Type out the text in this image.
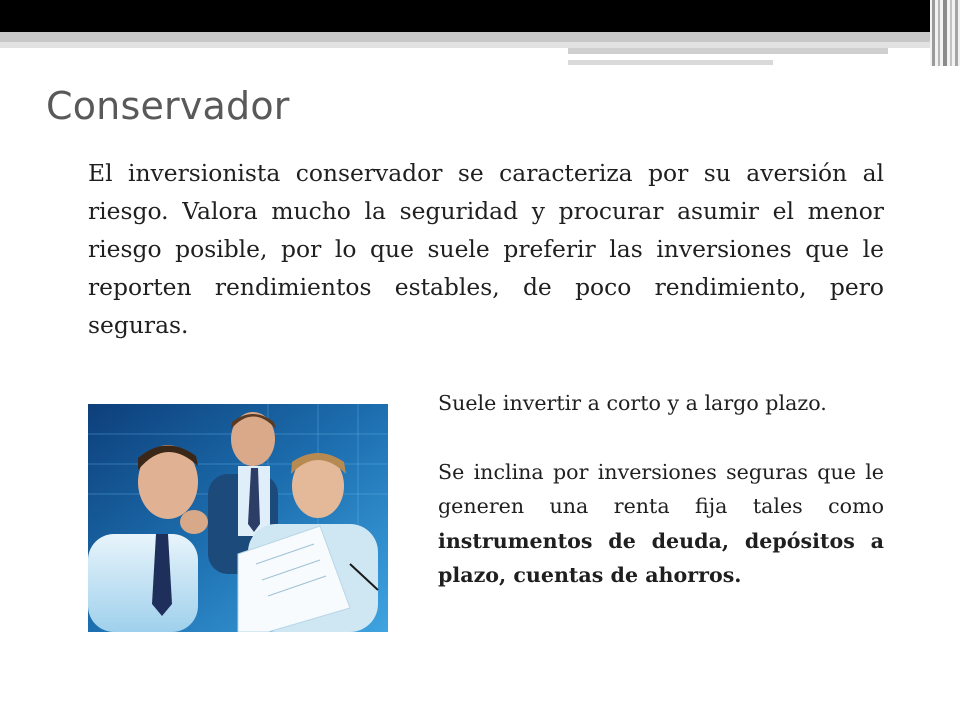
Conservador

El inversionista conservador se caracteriza por su aversión al riesgo. Valora mucho la seguridad y procurar asumir el menor riesgo posible, por lo que suele preferir las inversiones que le reporten rendimientos estables, de poco rendimiento, pero seguras.

Suele invertir a corto y a largo plazo.

Se inclina por inversiones seguras que le generen una renta fija tales como instrumentos de deuda, depósitos a plazo, cuentas de ahorros.
